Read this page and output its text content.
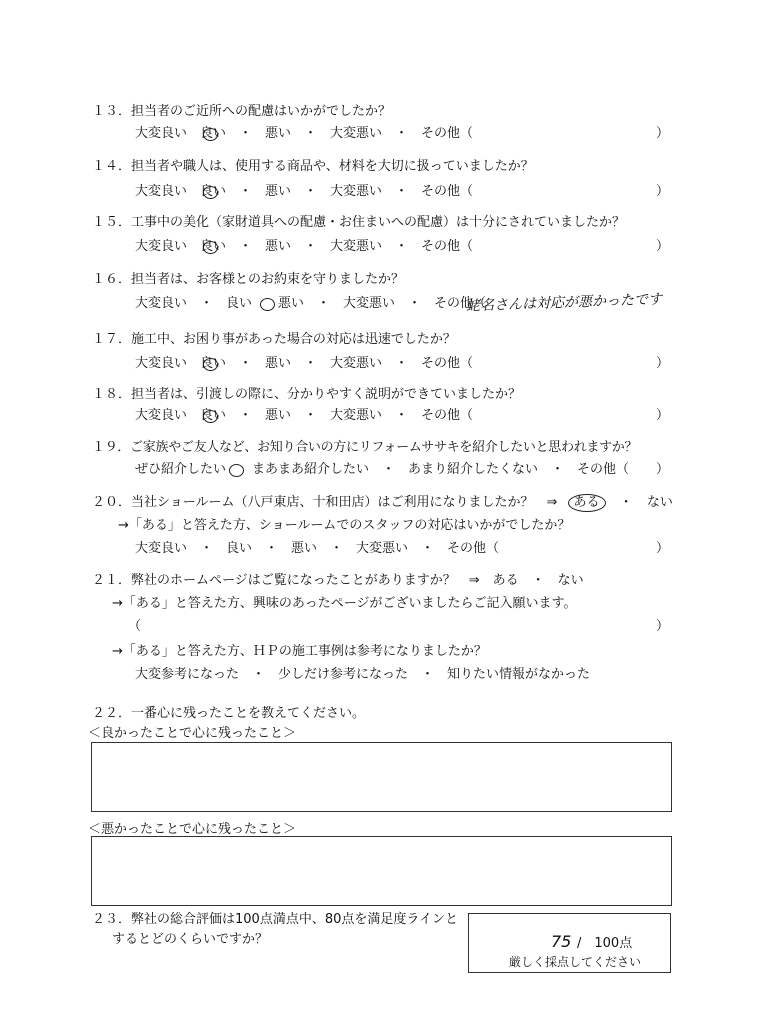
１３．担当者のご近所への配慮はいかがでしたか？
大変良い　良い　・　悪い　・　大変悪い　・　その他（	）
１４．担当者や職人は、使用する商品や、材料を大切に扱っていましたか？
大変良い　良い　・　悪い　・　大変悪い　・　その他（	）
１５．工事中の美化（家財道具への配慮・お住まいへの配慮）は十分にされていましたか？
大変良い　良い　・　悪い　・　大変悪い　・　その他（	）
１６．担当者は、お客様とのお約束を守りましたか？
大変良い　・　良い　　悪い　・　大変悪い　・　その他（
蛯名さんは対応が悪かったです
１７．施工中、お困り事があった場合の対応は迅速でしたか？
大変良い　良い　・　悪い　・　大変悪い　・　その他（	）
１８．担当者は、引渡しの際に、分かりやすく説明ができていましたか？
大変良い　良い　・　悪い　・　大変悪い　・　その他（	）
１９．ご家族やご友人など、お知り合いの方にリフォームササキを紹介したいと思われますか？
ぜひ紹介したい　　まあまあ紹介したい　・　あまり紹介したくない　・　その他（ ）
２０．当社ショールーム（八戸東店、十和田店）はご利用になりましたか？　⇒ ある ・ ない
→「ある」と答えた方、ショールームでのスタッフの対応はいかがでしたか？
大変良い　・　良い　・　悪い　・　大変悪い　・　その他（	）
２１．弊社のホームページはご覧になったことがありますか？　⇒　ある　・　ない
→「ある」と答えた方、興味のあったページがございましたらご記入願います。
（	）
→「ある」と答えた方、ＨＰの施工事例は参考になりましたか？
大変参考になった　・　少しだけ参考になった　・　知りたい情報がなかった
２２．一番心に残ったことを教えてください。
＜良かったことで心に残ったこと＞
＜悪かったことで心に残ったこと＞
２３．弊社の総合評価は100点満点中、80点を満足度ラインと
するとどのくらいですか？	75 /　100点
厳しく採点してください
